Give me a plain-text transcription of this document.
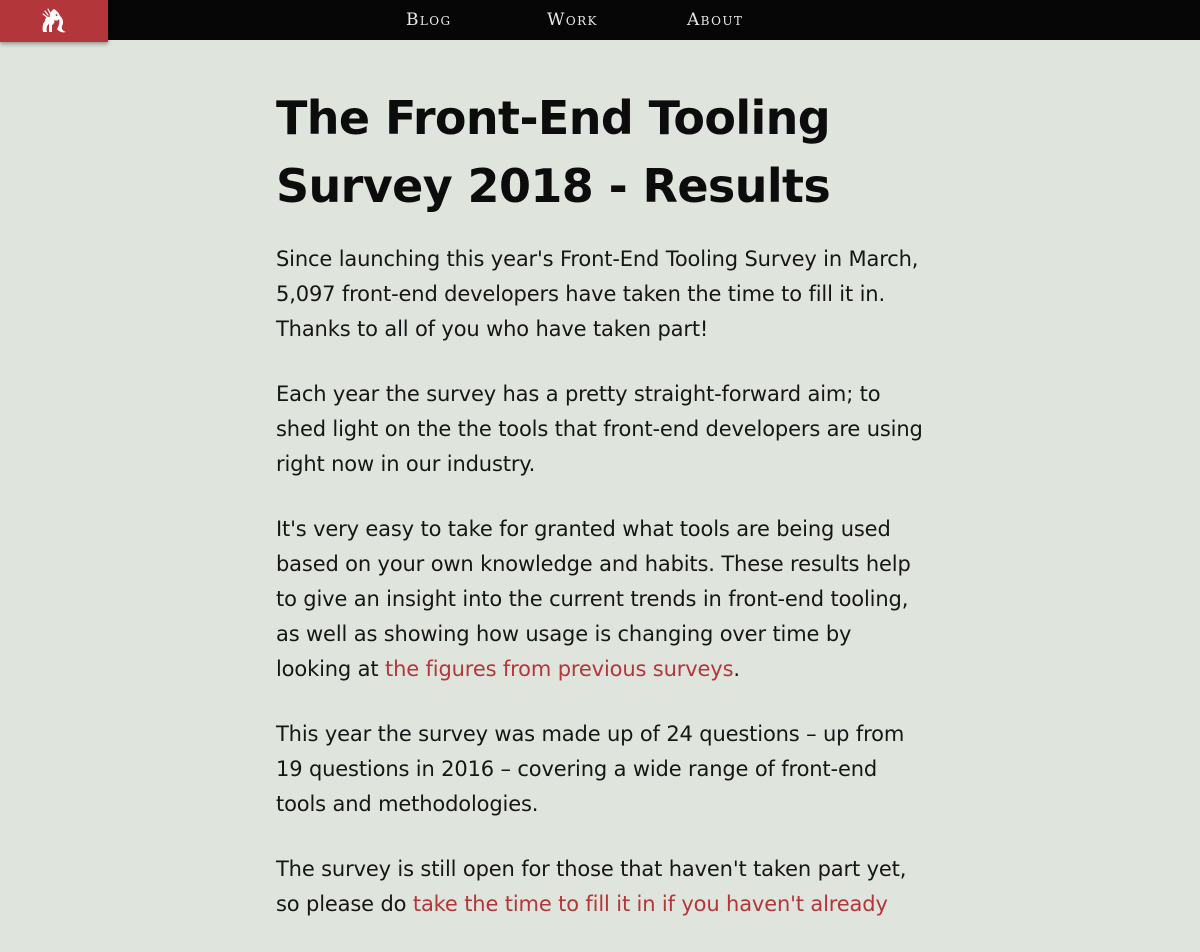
Blog	Work	About
The Front-End Tooling Survey 2018 - Results

Since launching this year's Front-End Tooling Survey in March, 5,097 front-end developers have taken the time to fill it in. Thanks to all of you who have taken part!

Each year the survey has a pretty straight-forward aim; to shed light on the the tools that front-end developers are using right now in our industry.

It's very easy to take for granted what tools are being used based on your own knowledge and habits. These results help to give an insight into the current trends in front-end tooling, as well as showing how usage is changing over time by looking at the figures from previous surveys.

This year the survey was made up of 24 questions – up from 19 questions in 2016 – covering a wide range of front-end tools and methodologies.

The survey is still open for those that haven't taken part yet, so please do take the time to fill it in if you haven't already
